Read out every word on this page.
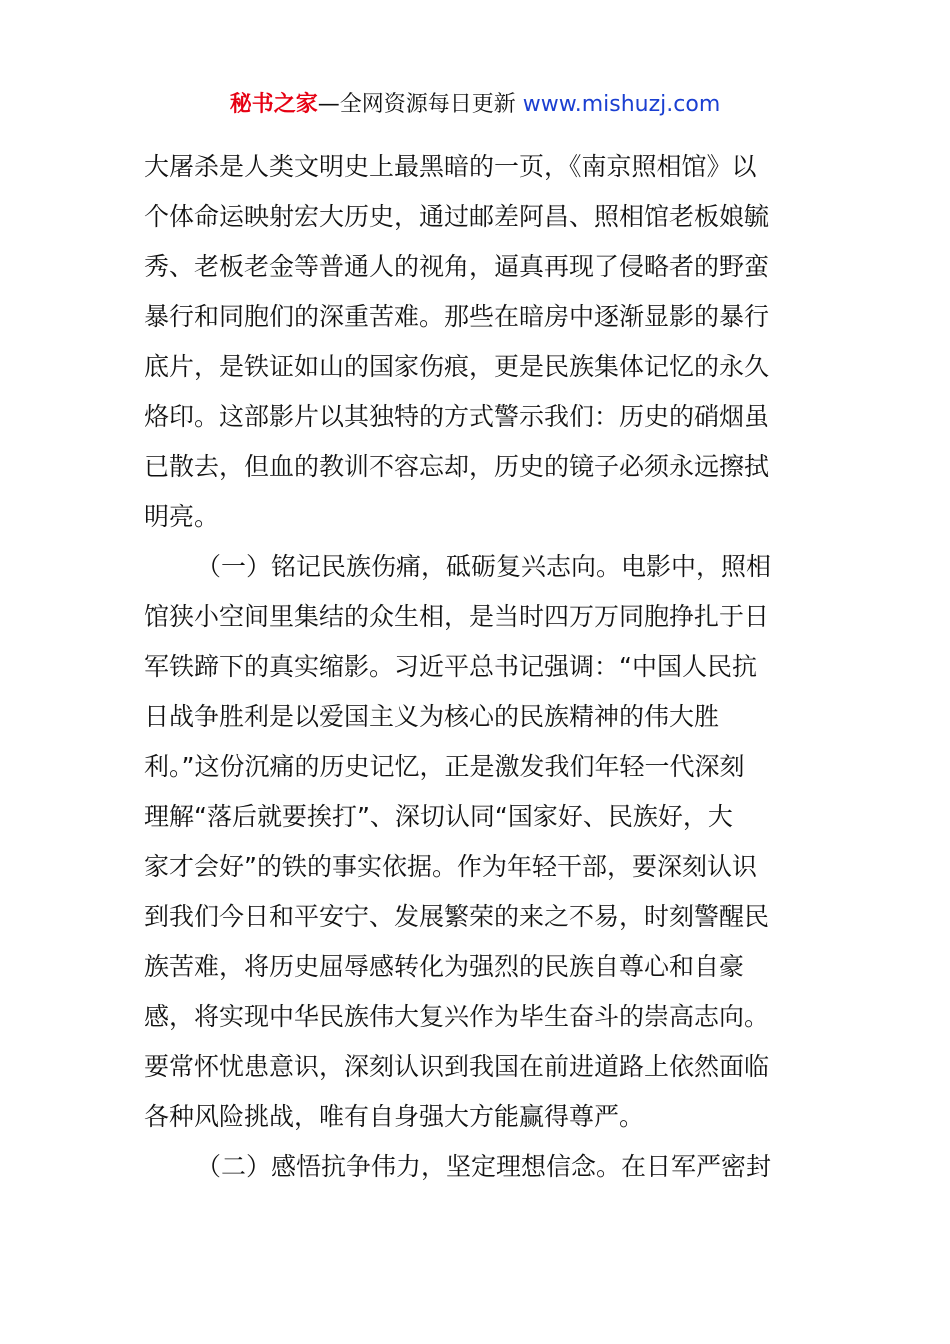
秘书之家—全网资源每日更新 www.mishuzj.com
大屠杀是人类文明史上最黑暗的一页，《南京照相馆》以
个体命运映射宏大历史，通过邮差阿昌、照相馆老板娘毓
秀、老板老金等普通人的视角，逼真再现了侵略者的野蛮
暴行和同胞们的深重苦难。那些在暗房中逐渐显影的暴行
底片，是铁证如山的国家伤痕，更是民族集体记忆的永久
烙印。这部影片以其独特的方式警示我们：历史的硝烟虽
已散去，但血的教训不容忘却，历史的镜子必须永远擦拭
明亮。
（一）铭记民族伤痛，砥砺复兴志向。电影中，照相
馆狭小空间里集结的众生相，是当时四万万同胞挣扎于日
军铁蹄下的真实缩影。习近平总书记强调：“中国人民抗
日战争胜利是以爱国主义为核心的民族精神的伟大胜
利。”这份沉痛的历史记忆，正是激发我们年轻一代深刻
理解“落后就要挨打”、深切认同“国家好、民族好，大
家才会好”的铁的事实依据。作为年轻干部，要深刻认识
到我们今日和平安宁、发展繁荣的来之不易，时刻警醒民
族苦难，将历史屈辱感转化为强烈的民族自尊心和自豪
感，将实现中华民族伟大复兴作为毕生奋斗的崇高志向。
要常怀忧患意识，深刻认识到我国在前进道路上依然面临
各种风险挑战，唯有自身强大方能赢得尊严。
（二）感悟抗争伟力，坚定理想信念。在日军严密封
